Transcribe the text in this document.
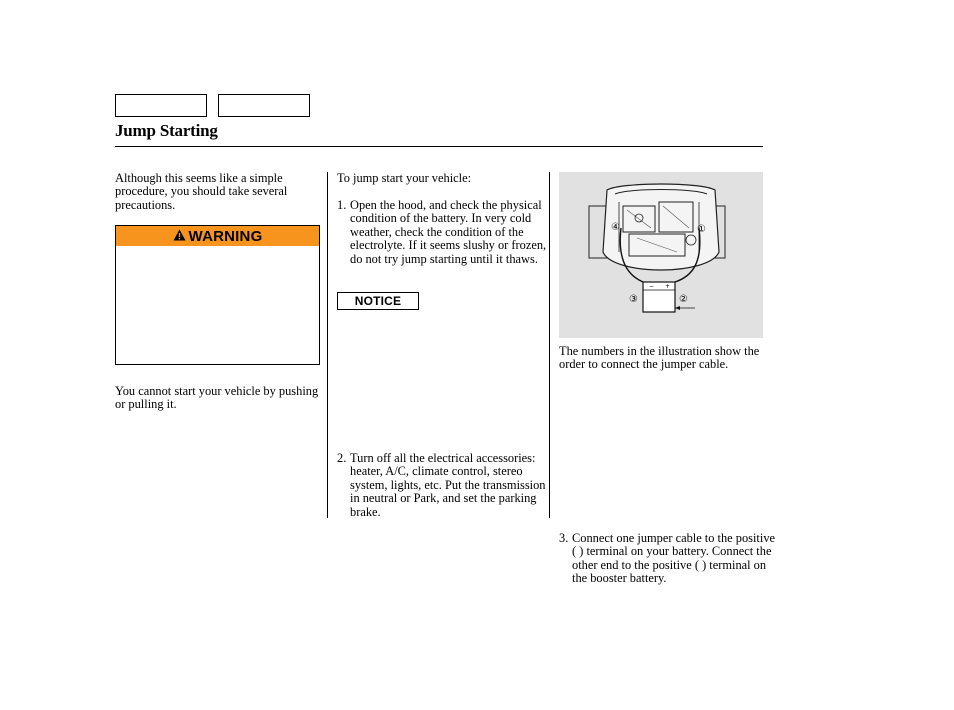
Jump Starting

Although this seems like a simple procedure, you should take several precautions.

WARNING

You cannot start your vehicle by pushing or pulling it.

To jump start your vehicle:

1. Open the hood, and check the physical condition of the battery. In very cold weather, check the condition of the electrolyte. If it seems slushy or frozen, do not try jump starting until it thaws.
NOTICE
2. Turn off all the electrical accessories: heater, A/C, climate control, stereo system, lights, etc. Put the transmission in neutral or Park, and set the parking brake.
− +
①
②
③
④

The numbers in the illustration show the order to connect the jumper cable.

3. Connect one jumper cable to the positive ( ) terminal on your battery. Connect the other end to the positive ( ) terminal on the booster battery.
